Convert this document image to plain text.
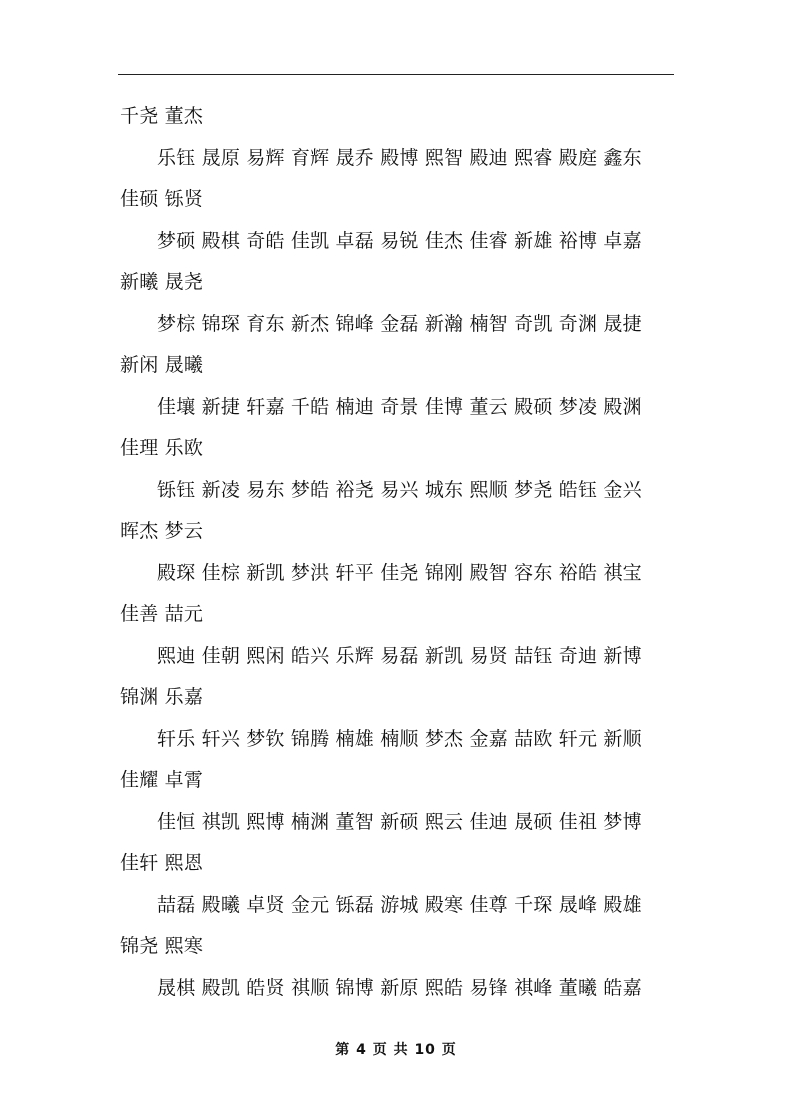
千尧 董杰
乐钰 晟原 易辉 育辉 晟乔 殿博 熙智 殿迪 熙睿 殿庭 鑫东
佳硕 铄贤
梦硕 殿棋 奇皓 佳凯 卓磊 易锐 佳杰 佳睿 新雄 裕博 卓嘉
新曦 晟尧
梦棕 锦琛 育东 新杰 锦峰 金磊 新瀚 楠智 奇凯 奇渊 晟捷
新闲 晟曦
佳壤 新捷 轩嘉 千皓 楠迪 奇景 佳博 董云 殿硕 梦凌 殿渊
佳理 乐欧
铄钰 新凌 易东 梦皓 裕尧 易兴 城东 熙顺 梦尧 皓钰 金兴
晖杰 梦云
殿琛 佳棕 新凯 梦洪 轩平 佳尧 锦刚 殿智 容东 裕皓 祺宝
佳善 喆元
熙迪 佳朝 熙闲 皓兴 乐辉 易磊 新凯 易贤 喆钰 奇迪 新博
锦渊 乐嘉
轩乐 轩兴 梦钦 锦腾 楠雄 楠顺 梦杰 金嘉 喆欧 轩元 新顺
佳耀 卓霄
佳恒 祺凯 熙博 楠渊 董智 新硕 熙云 佳迪 晟硕 佳祖 梦博
佳轩 熙恩
喆磊 殿曦 卓贤 金元 铄磊 游城 殿寒 佳尊 千琛 晟峰 殿雄
锦尧 熙寒
晟棋 殿凯 皓贤 祺顺 锦博 新原 熙皓 易锋 祺峰 董曦 皓嘉
第 4 页 共 10 页
